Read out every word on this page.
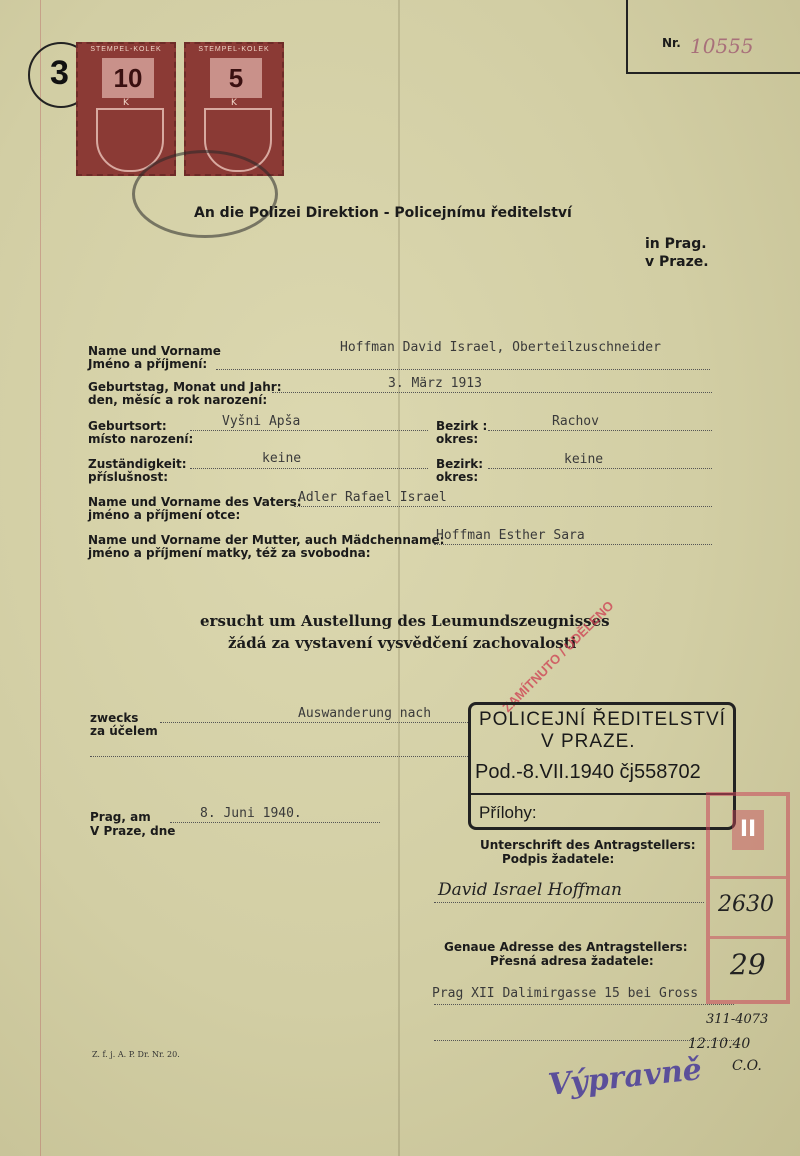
3
Nr. 10555
STEMPEL-KOLEK
10
K
STEMPEL-KOLEK
5
K
An die Polizei Direktion - Policejnímu ředitelství
in Prag.
v Praze.
Name und Vorname
Jméno a příjmení:
Hoffman David Israel, Oberteilzuschneider
Geburtstag, Monat und Jahr:
den, měsíc a rok narození:
3. März 1913
Geburtsort:
místo narození:
Vyšni Apša	Bezirk :
okres:
Rachov
Zuständigkeit:
příslušnost:
keine	Bezirk:
okres:
keine
Name und Vorname des Vaters:
jméno a příjmení otce:
Adler Rafael Israel
Name und Vorname der Mutter, auch Mädchenname:
jméno a příjmení matky, též za svobodna:
Hoffman Esther Sara
ersucht um Austellung des Leumundszeugnisses
žádá za vystavení vysvědčení zachovalosti
ZAMÍTNUTO / UDĚLENO
zwecks
za účelem
Auswanderung nach	POLICEJNÍ ŘEDITELSTVÍ
V PRAZE.
Pod.-8.VII.1940 čj558702
Přílohy:
II
2630
29
Prag, am
V Praze, dne
8. Juni 1940.
Unterschrift des Antragstellers:
Podpis žadatele:
David Israel Hoffman
Genaue Adresse des Antragstellers:
Přesná adresa žadatele:
Prag XII Dalimirgasse 15 bei Gross
311-4073
12.10.40
C.O.
Z. f. j. A. P. Dr. Nr. 20.	Výpravně
